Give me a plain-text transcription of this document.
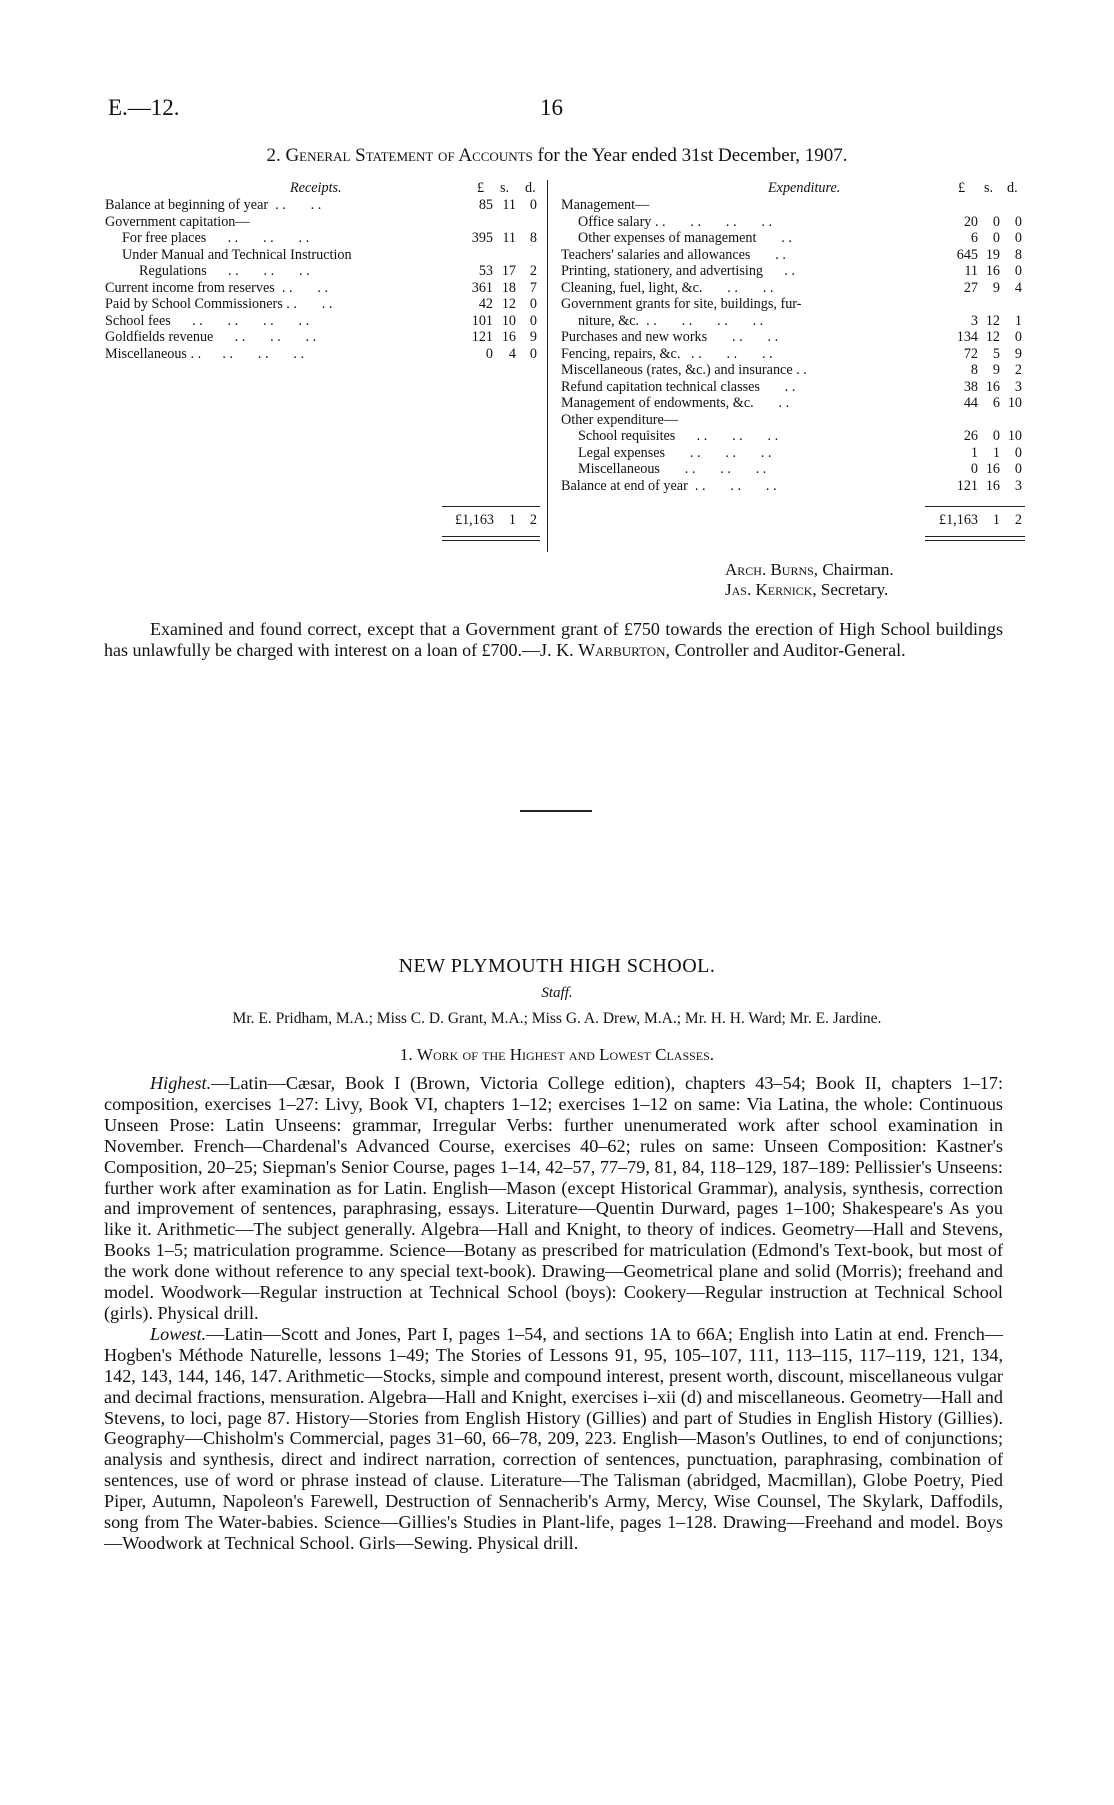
E.—12.	16
2. General Statement of Accounts for the Year ended 31st December, 1907.
Receipts.	£ s. d.	Expenditure.	£ s. d.
Balance at beginning of year  . .       . .	85 11 0
Government capitation—
For free places      . .       . .       . .	395 11 8
Under Manual and Technical Instruction
Regulations      . .       . .       . .	53 17 2
Current income from reserves  . .       . .	361 18 7
Paid by School Commissioners . .       . .	42 12 0
School fees      . .       . .       . .       . .	101 10 0
Goldfields revenue      . .       . .       . .	121 16 9
Miscellaneous . .      . .       . .       . .	0	4 0
Management—
Office salary . .       . .       . .       . .	20	0	0
Other expenses of management       . .	6	0	0
Teachers' salaries and allowances       . .	645 19	8
Printing, stationery, and advertising      . .	11 16	0
Cleaning, fuel, light, &c.       . .       . .	27	9	4
Government grants for site, buildings, fur-
niture, &c.  . .       . .       . .       . .	3 12	1
Purchases and new works       . .       . .	134 12	0
Fencing, repairs, &c.   . .       . .       . .	72	5	9
Miscellaneous (rates, &c.) and insurance . .	8	9	2
Refund capitation technical classes       . .	38 16	3
Management of endowments, &c.       . .	44	6 10
Other expenditure—
School requisites      . .       . .       . .	26	0 10
Legal expenses       . .       . .       . .	1	1	0
Miscellaneous       . .       . .       . .	0 16	0
Balance at end of year  . .       . .       . .	121 16	3
£1,163	1 2	£1,163	1	2
Arch. Burns, Chairman.
Jas. Kernick, Secretary.
Examined and found correct, except that a Government grant of £750 towards the erection of High School buildings has unlawfully be charged with interest on a loan of £700.—J. K. Warburton, Controller and Auditor-General.
NEW PLYMOUTH HIGH SCHOOL.
Staff.
Mr. E. Pridham, M.A.; Miss C. D. Grant, M.A.; Miss G. A. Drew, M.A.; Mr. H. H. Ward; Mr. E. Jardine.
1. Work of the Highest and Lowest Classes.

Highest.—Latin—Cæsar, Book I (Brown, Victoria College edition), chapters 43–54; Book II, chapters 1–17: composition, exercises 1–27: Livy, Book VI, chapters 1–12; exercises 1–12 on same: Via Latina, the whole: Continuous Unseen Prose: Latin Unseens: grammar, Irregular Verbs: further unenumerated work after school examination in November. French—Chardenal's Advanced Course, exercises 40–62; rules on same: Unseen Composition: Kastner's Composition, 20–25; Siepman's Senior Course, pages 1–14, 42–57, 77–79, 81, 84, 118–129, 187–189: Pellissier's Unseens: further work after examination as for Latin. English—Mason (except Historical Grammar), analysis, synthesis, correction and improvement of sentences, paraphrasing, essays. Literature—Quentin Durward, pages 1–100; Shakespeare's As you like it. Arithmetic—The subject generally. Algebra—Hall and Knight, to theory of indices. Geometry—Hall and Stevens, Books 1–5; matriculation programme. Science—Botany as prescribed for matriculation (Edmond's Text-book, but most of the work done without reference to any special text-book). Drawing—Geometrical plane and solid (Morris); freehand and model. Woodwork—Regular instruction at Technical School (boys): Cookery—Regular instruction at Technical School (girls). Physical drill.

Lowest.—Latin—Scott and Jones, Part I, pages 1–54, and sections 1A to 66A; English into Latin at end. French—Hogben's Méthode Naturelle, lessons 1–49; The Stories of Lessons 91, 95, 105–107, 111, 113–115, 117–119, 121, 134, 142, 143, 144, 146, 147. Arithmetic—Stocks, simple and compound interest, present worth, discount, miscellaneous vulgar and decimal fractions, mensuration. Algebra—Hall and Knight, exercises i–xii (d) and miscellaneous. Geometry—Hall and Stevens, to loci, page 87. History—Stories from English History (Gillies) and part of Studies in English History (Gillies). Geography—Chisholm's Commercial, pages 31–60, 66–78, 209, 223. English—Mason's Outlines, to end of conjunctions; analysis and synthesis, direct and indirect narration, correction of sentences, punctuation, paraphrasing, combination of sentences, use of word or phrase instead of clause. Literature—The Talisman (abridged, Macmillan), Globe Poetry, Pied Piper, Autumn, Napoleon's Farewell, Destruction of Sennacherib's Army, Mercy, Wise Counsel, The Skylark, Daffodils, song from The Water-babies. Science—Gillies's Studies in Plant-life, pages 1–128. Drawing—Freehand and model. Boys—Woodwork at Technical School. Girls—Sewing. Physical drill.
